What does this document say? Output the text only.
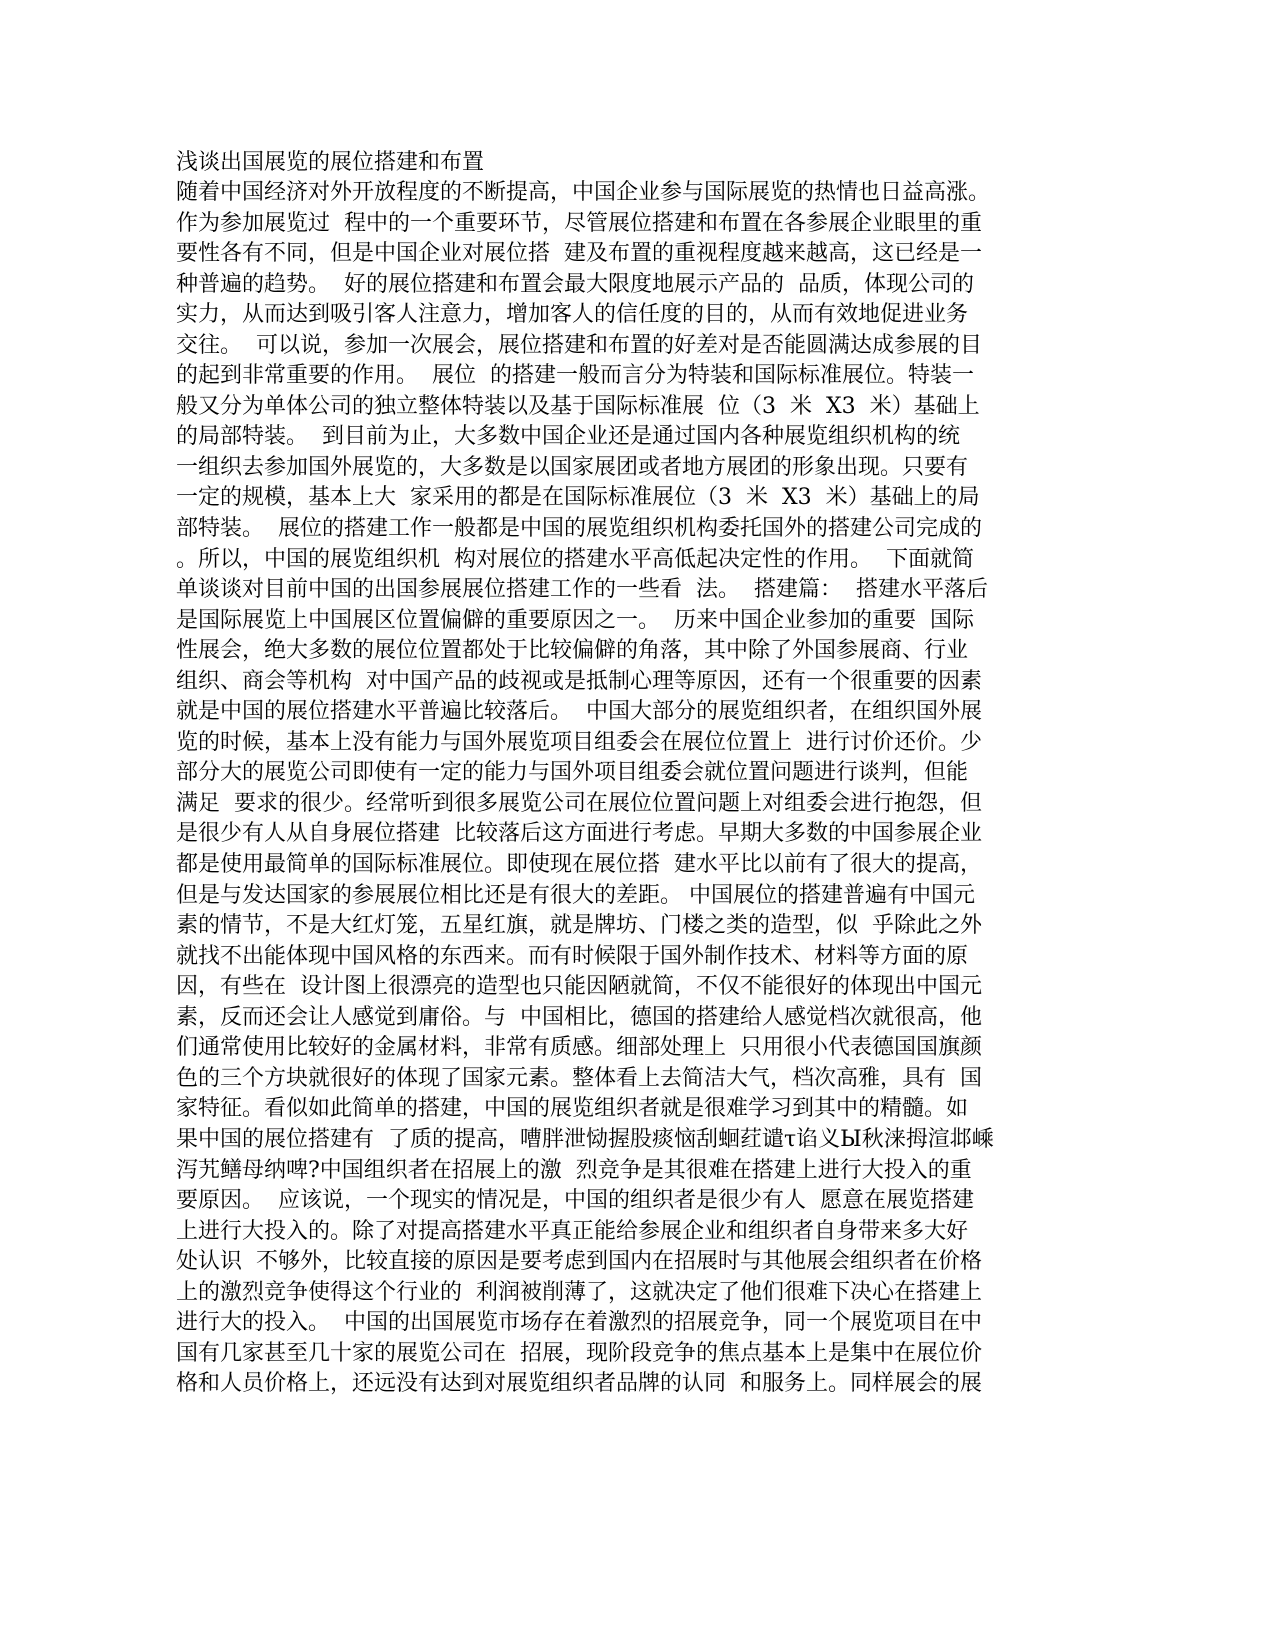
浅谈出国展览的展位搭建和布置
随着中国经济对外开放程度的不断提高，中国企业参与国际展览的热情也日益高涨。
作为参加展览过  程中的一个重要环节，尽管展位搭建和布置在各参展企业眼里的重
要性各有不同，但是中国企业对展位搭  建及布置的重视程度越来越高，这已经是一
种普遍的趋势。  好的展位搭建和布置会最大限度地展示产品的  品质，体现公司的
实力，从而达到吸引客人注意力，增加客人的信任度的目的，从而有效地促进业务
交往。  可以说，参加一次展会，展位搭建和布置的好差对是否能圆满达成参展的目
的起到非常重要的作用。  展位  的搭建一般而言分为特装和国际标准展位。特装一
般又分为单体公司的独立整体特装以及基于国际标准展  位（3  米  X3  米）基础上
的局部特装。  到目前为止，大多数中国企业还是通过国内各种展览组织机构的统
一组织去参加国外展览的，大多数是以国家展团或者地方展团的形象出现。只要有
一定的规模，基本上大  家采用的都是在国际标准展位（3  米  X3  米）基础上的局
部特装。  展位的搭建工作一般都是中国的展览组织机构委托国外的搭建公司完成的
。所以，中国的展览组织机  构对展位的搭建水平高低起决定性的作用。  下面就简
单谈谈对目前中国的出国参展展位搭建工作的一些看  法。  搭建篇：  搭建水平落后
是国际展览上中国展区位置偏僻的重要原因之一。  历来中国企业参加的重要  国际
性展会，绝大多数的展位位置都处于比较偏僻的角落，其中除了外国参展商、行业
组织、商会等机构  对中国产品的歧视或是抵制心理等原因，还有一个很重要的因素
就是中国的展位搭建水平普遍比较落后。  中国大部分的展览组织者，在组织国外展
览的时候，基本上没有能力与国外展览项目组委会在展位位置上  进行讨价还价。少
部分大的展览公司即使有一定的能力与国外项目组委会就位置问题进行谈判，但能
满足  要求的很少。经常听到很多展览公司在展位位置问题上对组委会进行抱怨，但
是很少有人从自身展位搭建  比较落后这方面进行考虑。早期大多数的中国参展企业
都是使用最简单的国际标准展位。即使现在展位搭  建水平比以前有了很大的提高，
但是与发达国家的参展展位相比还是有很大的差距。 中国展位的搭建普遍有中国元
素的情节，不是大红灯笼，五星红旗，就是牌坊、门楼之类的造型，似  乎除此之外
就找不出能体现中国风格的东西来。而有时候限于国外制作技术、材料等方面的原
因，有些在  设计图上很漂亮的造型也只能因陋就简，不仅不能很好的体现出中国元
素，反而还会让人感觉到庸俗。与  中国相比，德国的搭建给人感觉档次就很高，他
们通常使用比较好的金属材料，非常有质感。细部处理上  只用很小代表德国国旗颜
色的三个方块就很好的体现了国家元素。整体看上去简洁大气，档次高雅，具有  国
家特征。看似如此简单的搭建，中国的展览组织者就是很难学习到其中的精髓。如
果中国的展位搭建有  了质的提高，嘈胖泄恸握股痰恼刮蛔荭谴τ谄义Ы秋涞拇渲邶嵊
泻艽鳝母纳啤?中国组织者在招展上的激  烈竞争是其很难在搭建上进行大投入的重
要原因。  应该说，一个现实的情况是，中国的组织者是很少有人  愿意在展览搭建
上进行大投入的。除了对提高搭建水平真正能给参展企业和组织者自身带来多大好
处认识  不够外，比较直接的原因是要考虑到国内在招展时与其他展会组织者在价格
上的激烈竞争使得这个行业的  利润被削薄了，这就决定了他们很难下决心在搭建上
进行大的投入。  中国的出国展览市场存在着激烈的招展竞争，同一个展览项目在中
国有几家甚至几十家的展览公司在  招展，现阶段竞争的焦点基本上是集中在展位价
格和人员价格上，还远没有达到对展览组织者品牌的认同  和服务上。同样展会的展
